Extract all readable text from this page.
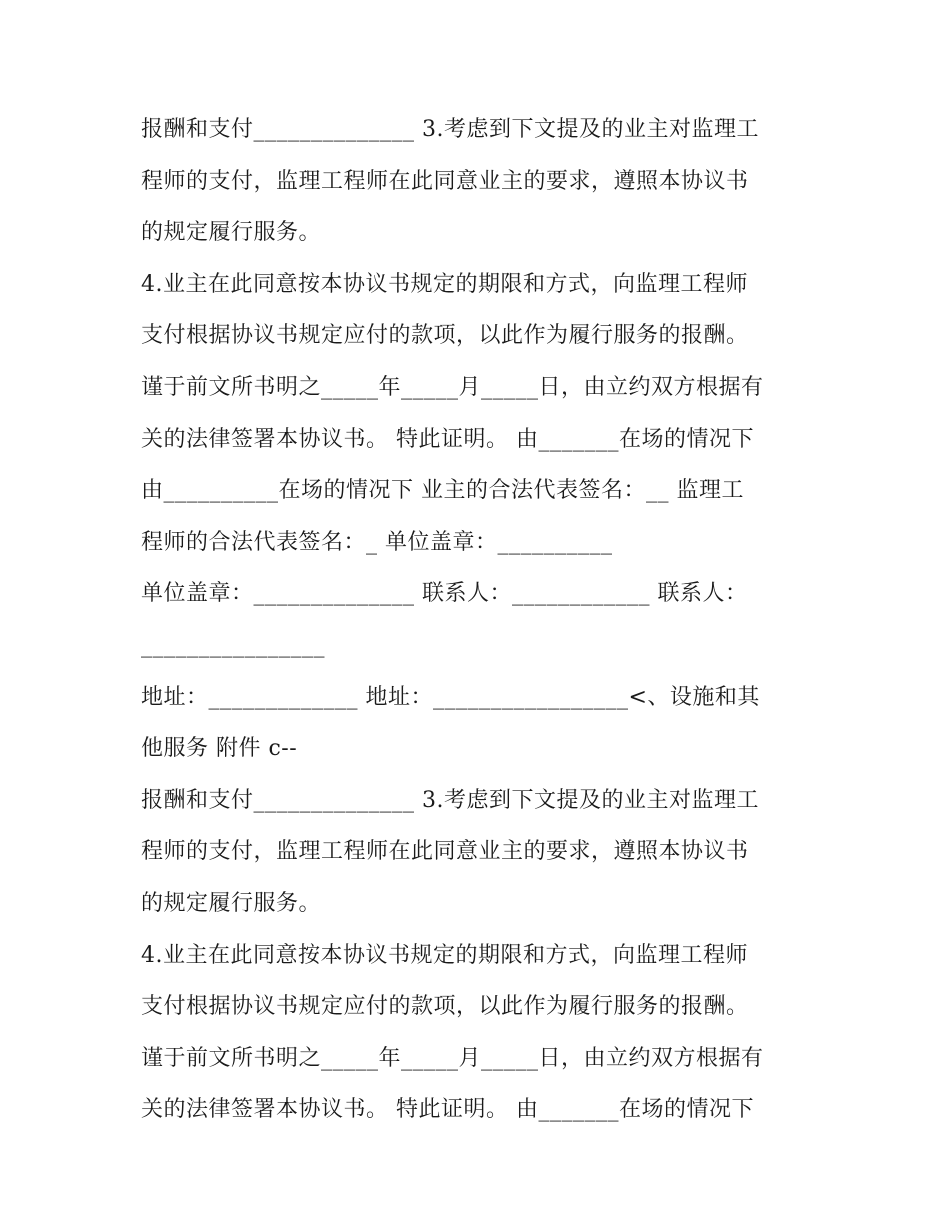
报酬和支付______________ 3.考虑到下文提及的业主对监理工
程师的支付，监理工程师在此同意业主的要求，遵照本协议书
的规定履行服务。
4.业主在此同意按本协议书规定的期限和方式，向监理工程师
支付根据协议书规定应付的款项，以此作为履行服务的报酬。
谨于前文所书明之_____年_____月_____日，由立约双方根据有
关的法律签署本协议书。 特此证明。 由_______在场的情况下
由__________在场的情况下 业主的合法代表签名：__ 监理工
程师的合法代表签名：_ 单位盖章：__________
单位盖章：______________ 联系人：____________ 联系人：
________________
地址：_____________ 地址：_________________<、设施和其
他服务 附件 c--
报酬和支付______________ 3.考虑到下文提及的业主对监理工
程师的支付，监理工程师在此同意业主的要求，遵照本协议书
的规定履行服务。
4.业主在此同意按本协议书规定的期限和方式，向监理工程师
支付根据协议书规定应付的款项，以此作为履行服务的报酬。
谨于前文所书明之_____年_____月_____日，由立约双方根据有
关的法律签署本协议书。 特此证明。 由_______在场的情况下
